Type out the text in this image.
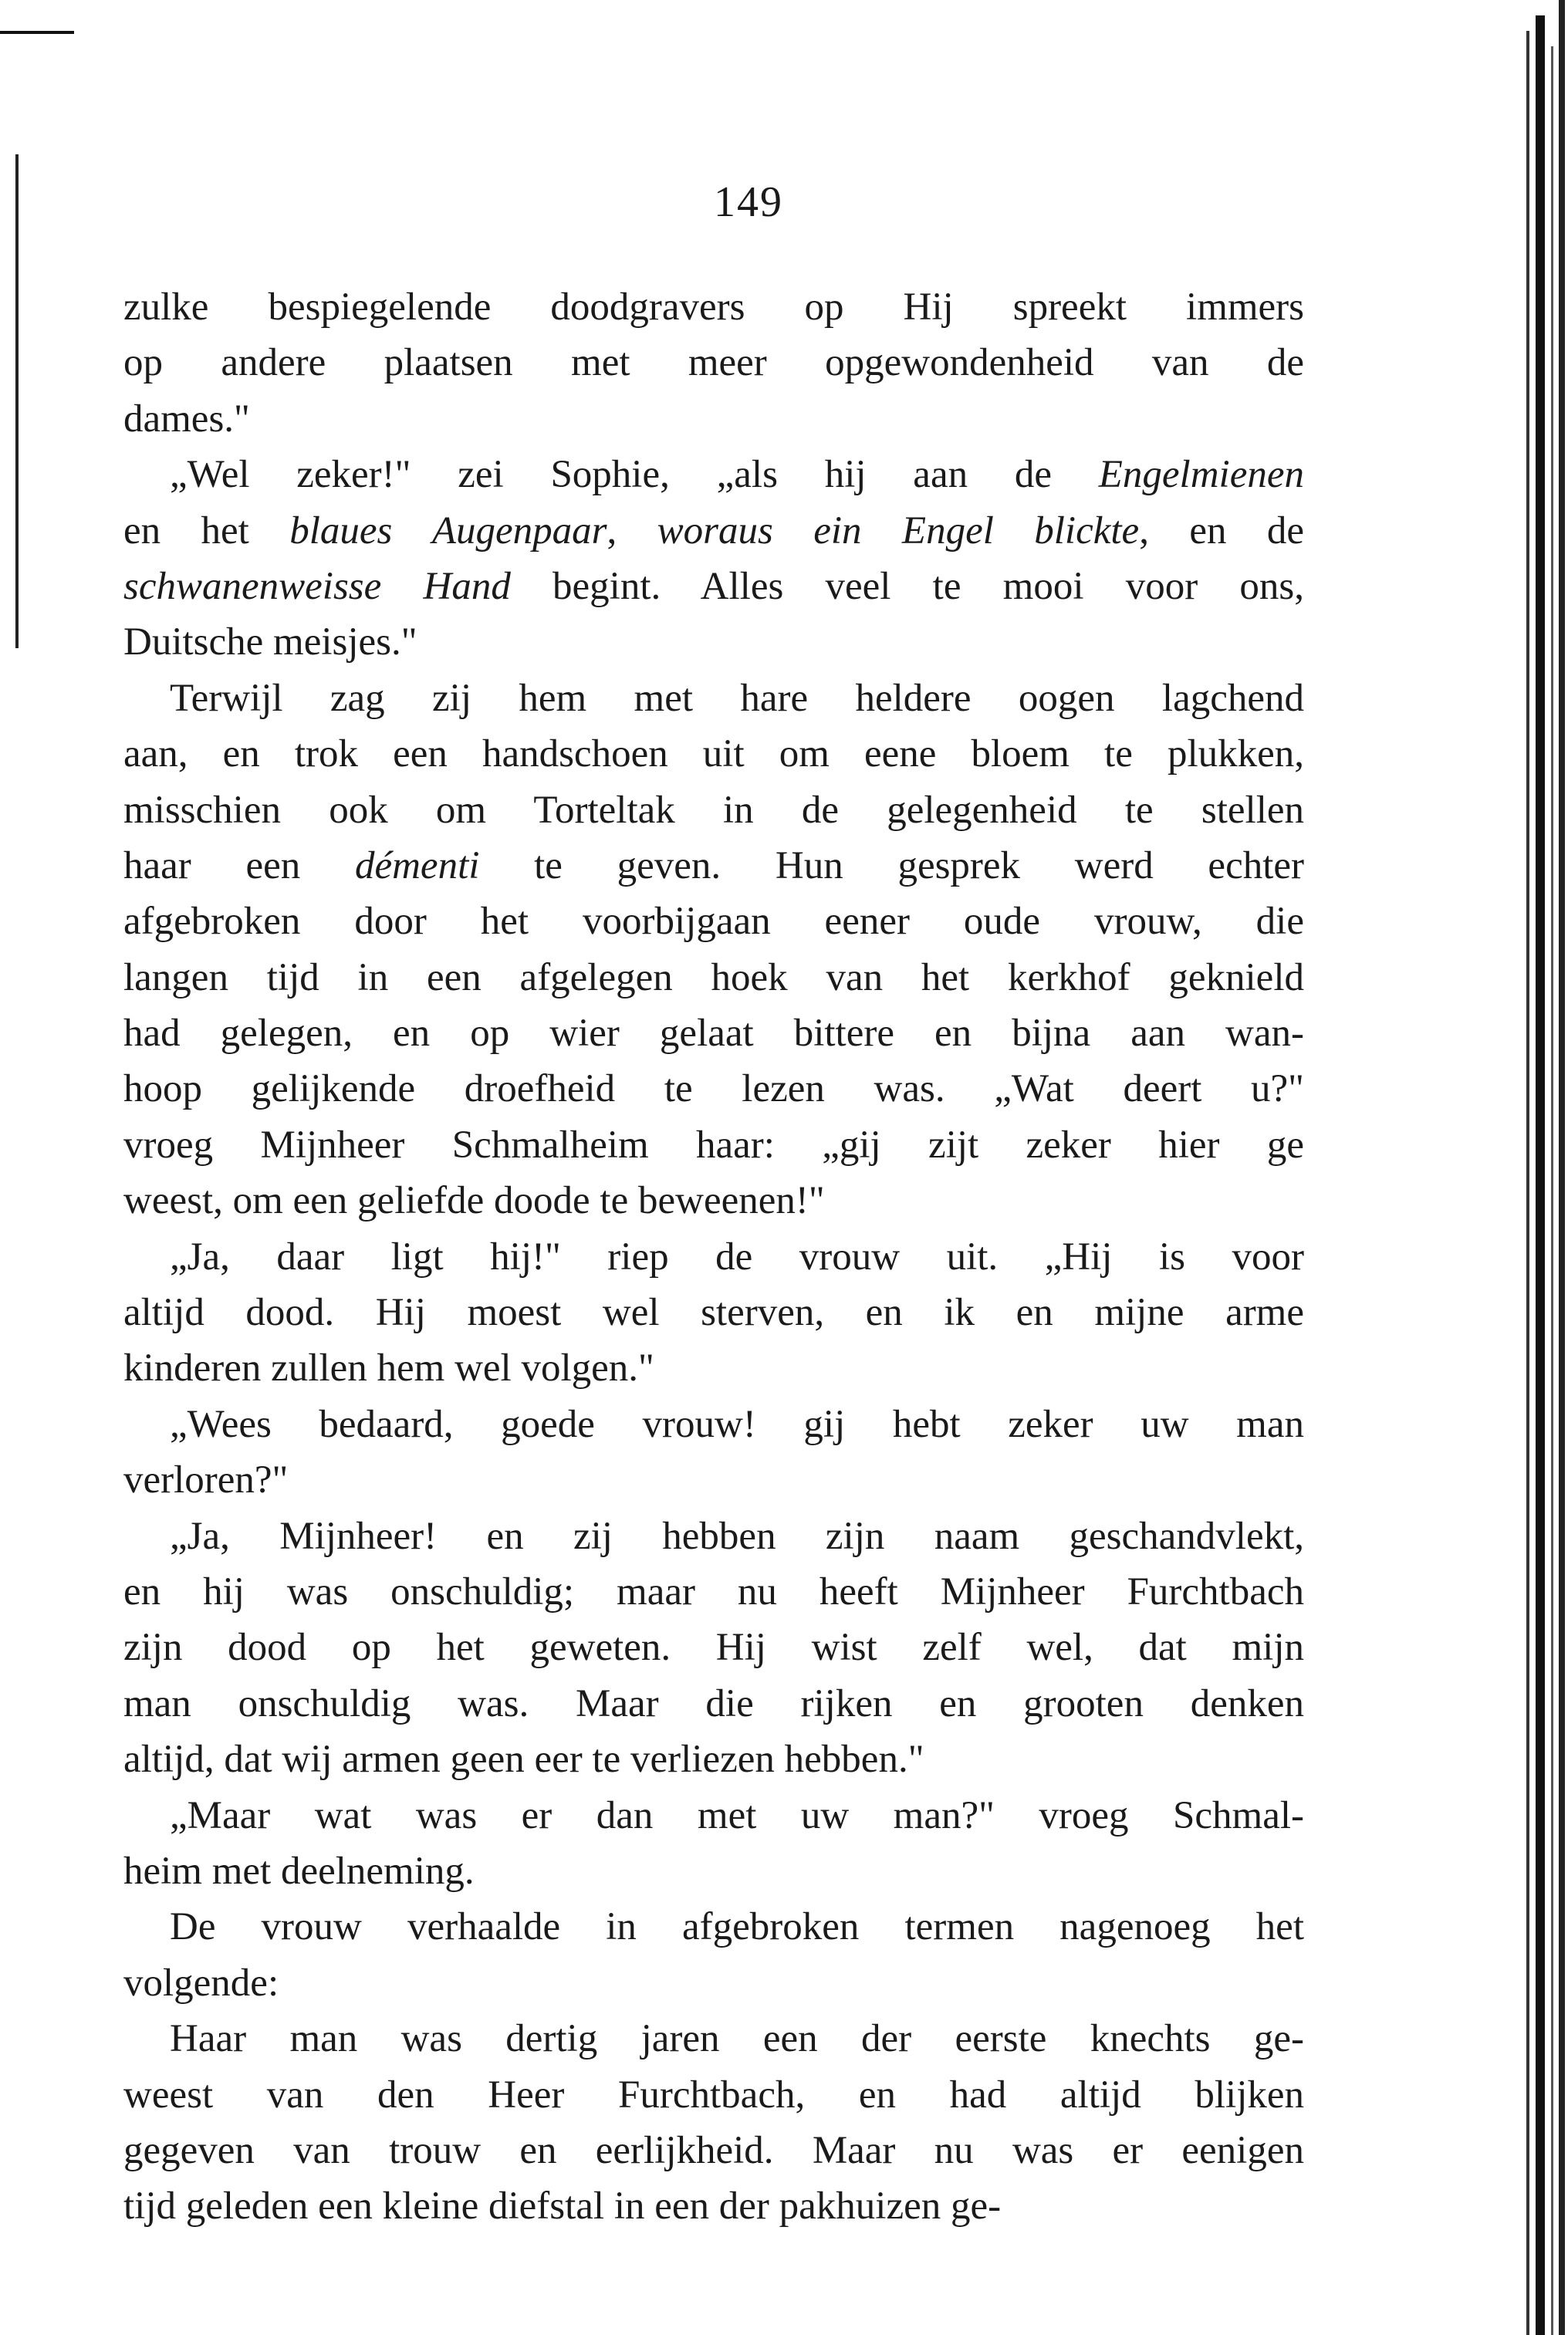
149
zulke bespiegelende doodgravers op Hij spreekt immers
op andere plaatsen met meer opgewondenheid van de
dames."
„Wel zeker!" zei Sophie, „als hij aan de Engelmienen
en het blaues Augenpaar, woraus ein Engel blickte, en de
schwanenweisse Hand begint. Alles veel te mooi voor ons,
Duitsche meisjes."
Terwijl zag zij hem met hare heldere oogen lagchend
aan, en trok een handschoen uit om eene bloem te plukken,
misschien ook om Torteltak in de gelegenheid te stellen
haar een démenti te geven. Hun gesprek werd echter
afgebroken door het voorbijgaan eener oude vrouw, die
langen tijd in een afgelegen hoek van het kerkhof geknield
had gelegen, en op wier gelaat bittere en bijna aan wan-
hoop gelijkende droefheid te lezen was. „Wat deert u?"
vroeg Mijnheer Schmalheim haar: „gij zijt zeker hier ge
weest, om een geliefde doode te beweenen!"
„Ja, daar ligt hij!" riep de vrouw uit. „Hij is voor
altijd dood. Hij moest wel sterven, en ik en mijne arme
kinderen zullen hem wel volgen."
„Wees bedaard, goede vrouw! gij hebt zeker uw man
verloren?"
„Ja, Mijnheer! en zij hebben zijn naam geschandvlekt,
en hij was onschuldig; maar nu heeft Mijnheer Furchtbach
zijn dood op het geweten. Hij wist zelf wel, dat mijn
man onschuldig was. Maar die rijken en grooten denken
altijd, dat wij armen geen eer te verliezen hebben."
„Maar wat was er dan met uw man?" vroeg Schmal-
heim met deelneming.
De vrouw verhaalde in afgebroken termen nagenoeg het
volgende:
Haar man was dertig jaren een der eerste knechts ge-
weest van den Heer Furchtbach, en had altijd blijken
gegeven van trouw en eerlijkheid. Maar nu was er eenigen
tijd geleden een kleine diefstal in een der pakhuizen ge-
